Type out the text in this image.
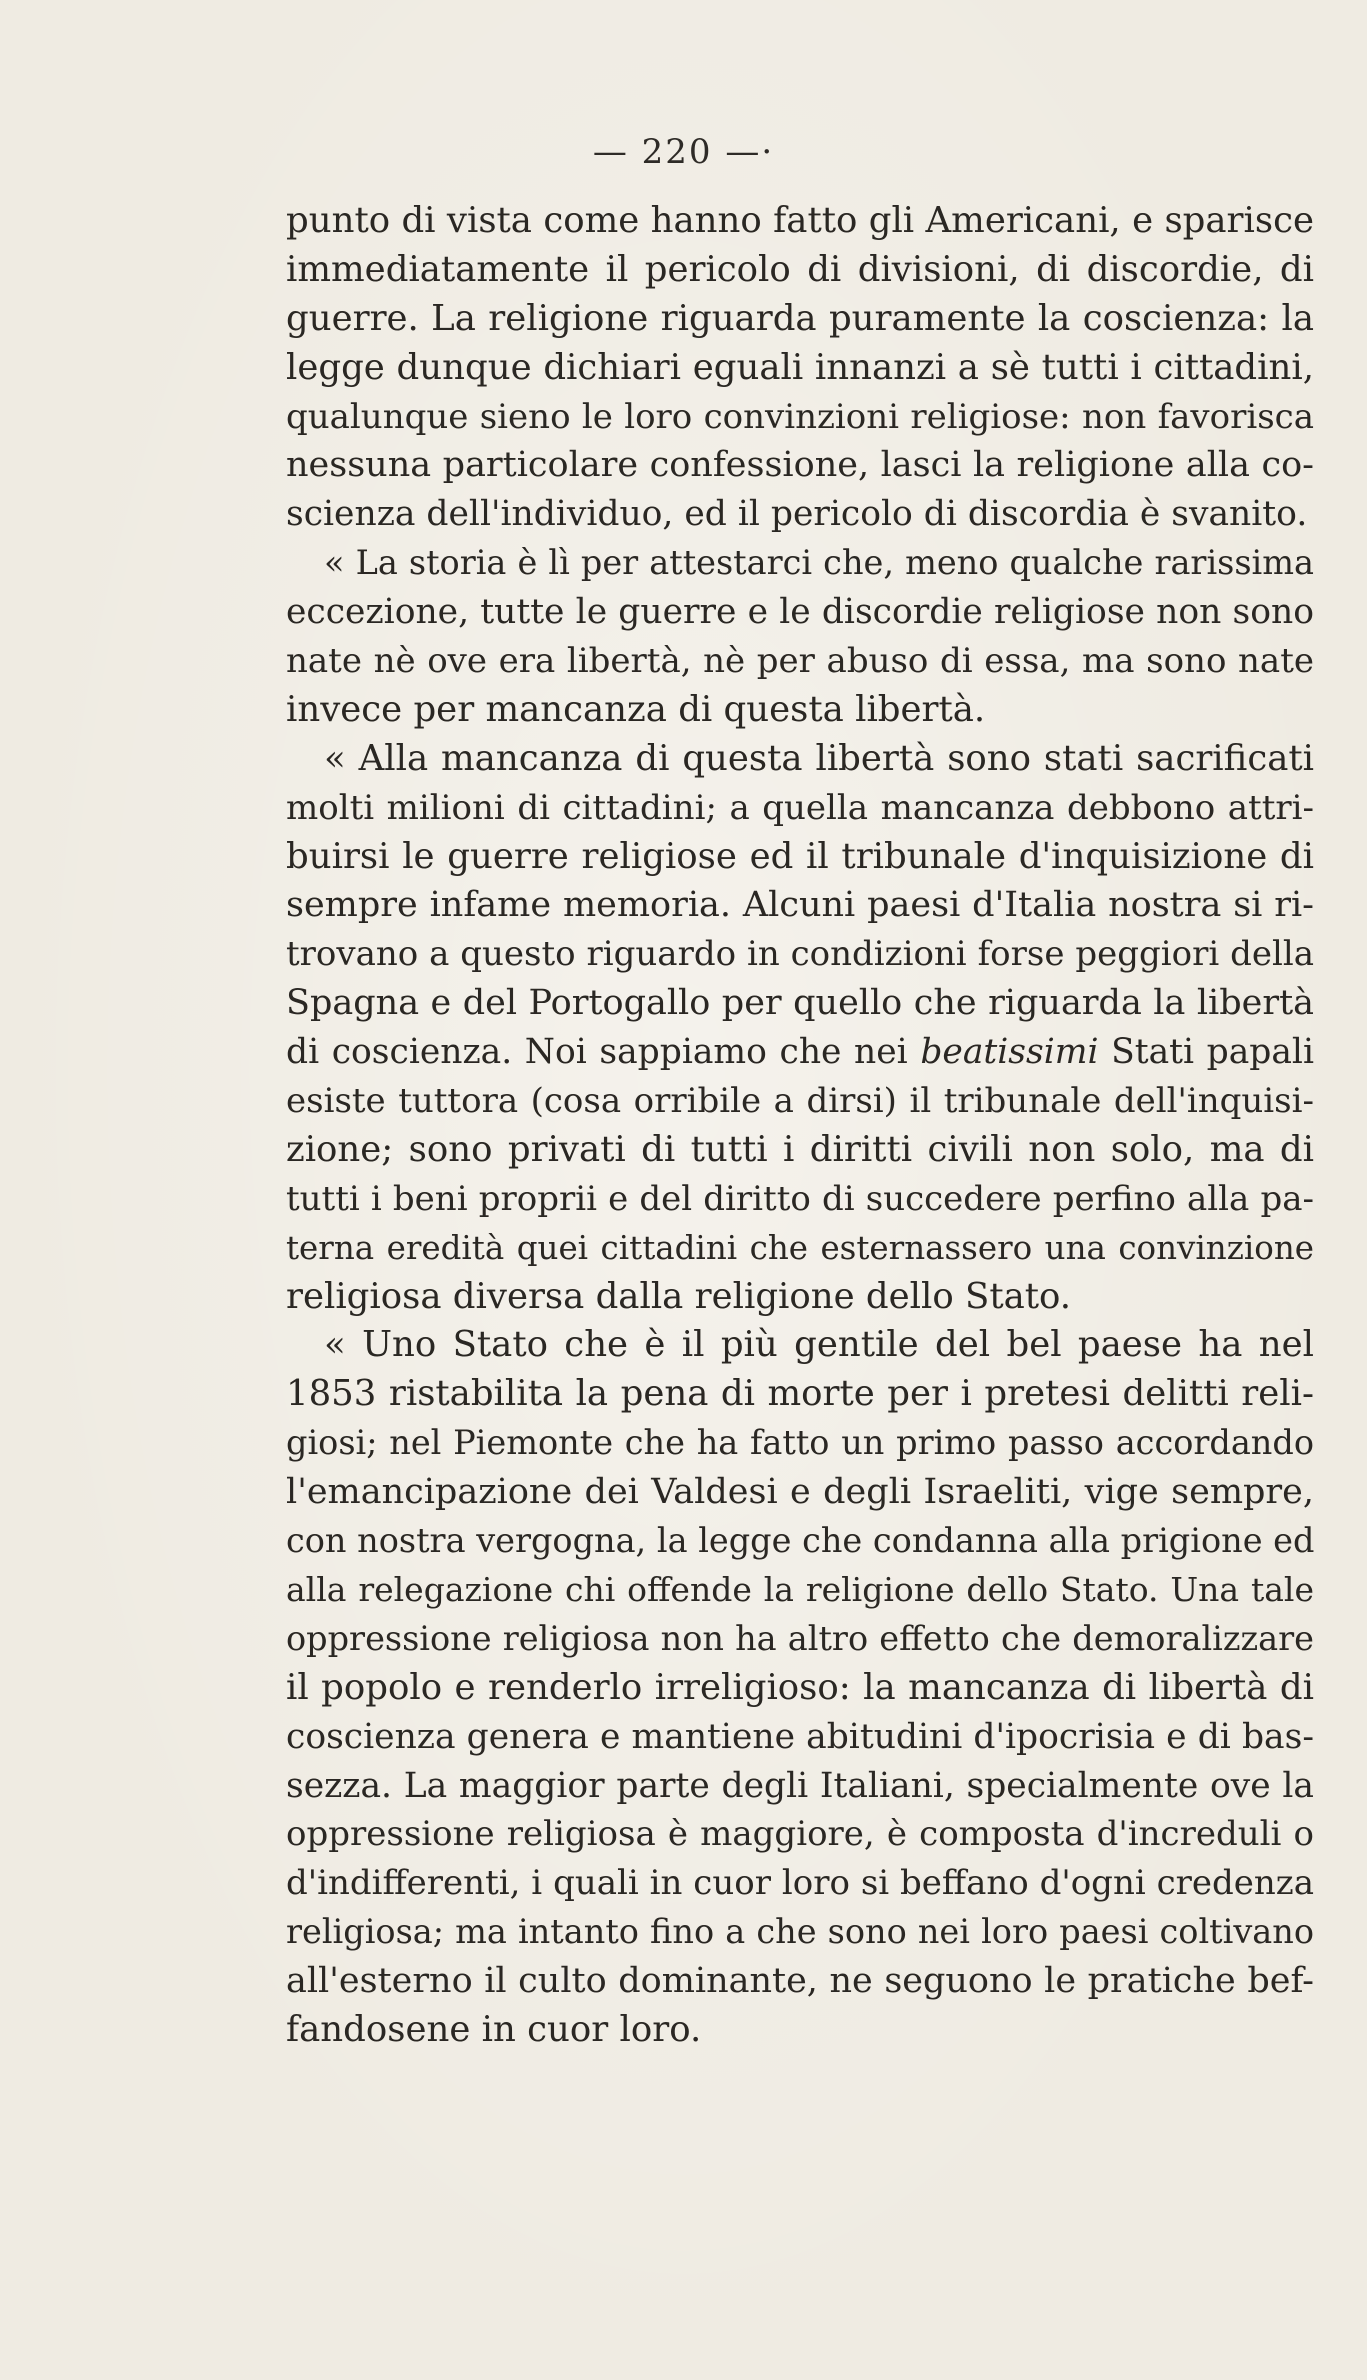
— 220 —·
punto di vista come hanno fatto gli Americani, e sparisce
immediatamente il pericolo di divisioni, di discordie, di
guerre. La religione riguarda puramente la coscienza: la
legge dunque dichiari eguali innanzi a sè tutti i cittadini,
qualunque sieno le loro convinzioni religiose: non favorisca
nessuna particolare confessione, lasci la religione alla co-
scienza dell'individuo, ed il pericolo di discordia è svanito.
« La storia è lì per attestarci che, meno qualche rarissima
eccezione, tutte le guerre e le discordie religiose non sono
nate nè ove era libertà, nè per abuso di essa, ma sono nate
invece per mancanza di questa libertà.
« Alla mancanza di questa libertà sono stati sacrificati
molti milioni di cittadini; a quella mancanza debbono attri-
buirsi le guerre religiose ed il tribunale d'inquisizione di
sempre infame memoria. Alcuni paesi d'Italia nostra si ri-
trovano a questo riguardo in condizioni forse peggiori della
Spagna e del Portogallo per quello che riguarda la libertà
di coscienza. Noi sappiamo che nei beatissimi Stati papali
esiste tuttora (cosa orribile a dirsi) il tribunale dell'inquisi-
zione; sono privati di tutti i diritti civili non solo, ma di
tutti i beni proprii e del diritto di succedere perfino alla pa-
terna eredità quei cittadini che esternassero una convinzione
religiosa diversa dalla religione dello Stato.
« Uno Stato che è il più gentile del bel paese ha nel
1853 ristabilita la pena di morte per i pretesi delitti reli-
giosi; nel Piemonte che ha fatto un primo passo accordando
l'emancipazione dei Valdesi e degli Israeliti, vige sempre,
con nostra vergogna, la legge che condanna alla prigione ed
alla relegazione chi offende la religione dello Stato. Una tale
oppressione religiosa non ha altro effetto che demoralizzare
il popolo e renderlo irreligioso: la mancanza di libertà di
coscienza genera e mantiene abitudini d'ipocrisia e di bas-
sezza. La maggior parte degli Italiani, specialmente ove la
oppressione religiosa è maggiore, è composta d'increduli o
d'indifferenti, i quali in cuor loro si beffano d'ogni credenza
religiosa; ma intanto fino a che sono nei loro paesi coltivano
all'esterno il culto dominante, ne seguono le pratiche bef-
fandosene in cuor loro.
